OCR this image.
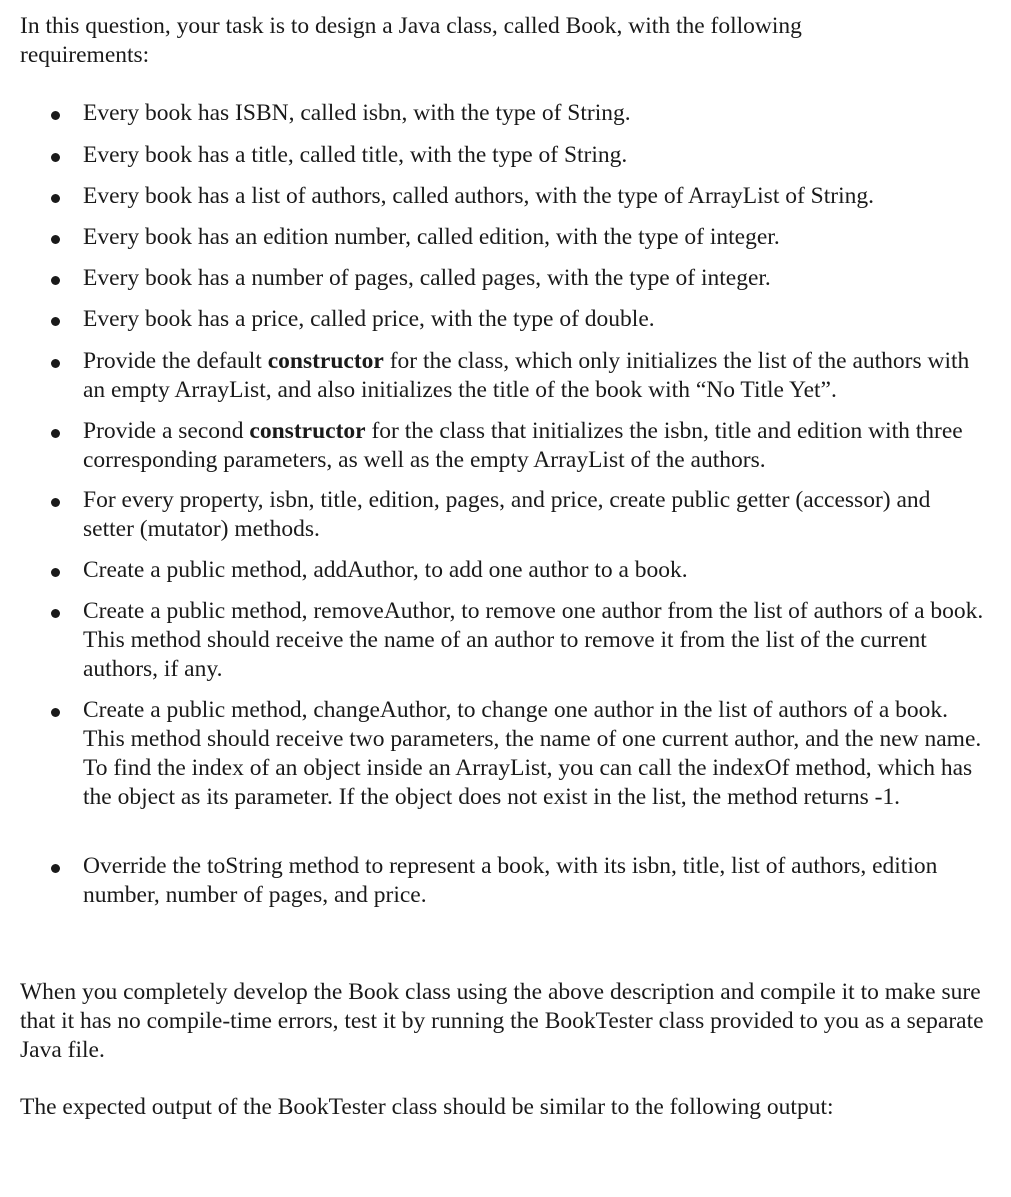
In this question, your task is to design a Java class, called Book, with the following requirements:

Every book has ISBN, called isbn, with the type of String.
Every book has a title, called title, with the type of String.
Every book has a list of authors, called authors, with the type of ArrayList of String.
Every book has an edition number, called edition, with the type of integer.
Every book has a number of pages, called pages, with the type of integer.
Every book has a price, called price, with the type of double.
Provide the default constructor for the class, which only initializes the list of the authors with an empty ArrayList, and also initializes the title of the book with “No Title Yet”.
Provide a second constructor for the class that initializes the isbn, title and edition with three corresponding parameters, as well as the empty ArrayList of the authors.
For every property, isbn, title, edition, pages, and price, create public getter (accessor) and setter (mutator) methods.
Create a public method, addAuthor, to add one author to a book.
Create a public method, removeAuthor, to remove one author from the list of authors of a book. This method should receive the name of an author to remove it from the list of the current authors, if any.
Create a public method, changeAuthor, to change one author in the list of authors of a book. This method should receive two parameters, the name of one current author, and the new name. To find the index of an object inside an ArrayList, you can call the indexOf method, which has the object as its parameter. If the object does not exist in the list, the method returns -1.
Override the toString method to represent a book, with its isbn, title, list of authors, edition number, number of pages, and price.

When you completely develop the Book class using the above description and compile it to make sure that it has no compile-time errors, test it by running the BookTester class provided to you as a separate Java file.

The expected output of the BookTester class should be similar to the following output:
